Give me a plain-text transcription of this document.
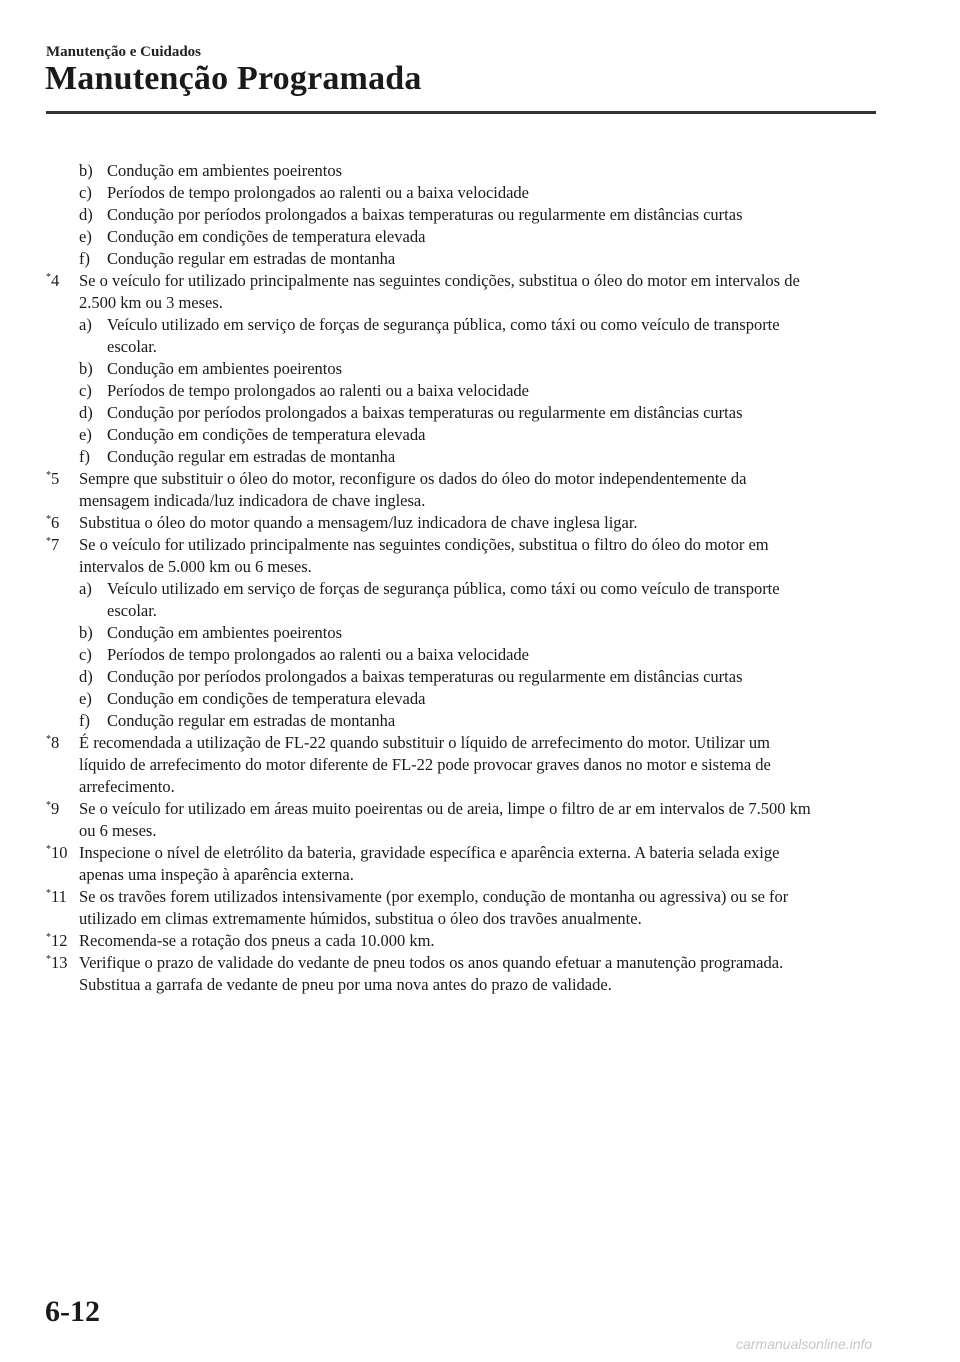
Manutenção e Cuidados
Manutenção Programada
b) Condução em ambientes poeirentos
c) Períodos de tempo prolongados ao ralenti ou a baixa velocidade
d) Condução por períodos prolongados a baixas temperaturas ou regularmente em distâncias curtas
e) Condução em condições de temperatura elevada
f) Condução regular em estradas de montanha
*4 Se o veículo for utilizado principalmente nas seguintes condições, substitua o óleo do motor em intervalos de
2.500 km ou 3 meses.
a) Veículo utilizado em serviço de forças de segurança pública, como táxi ou como veículo de transporte
escolar.
b) Condução em ambientes poeirentos
c) Períodos de tempo prolongados ao ralenti ou a baixa velocidade
d) Condução por períodos prolongados a baixas temperaturas ou regularmente em distâncias curtas
e) Condução em condições de temperatura elevada
f) Condução regular em estradas de montanha
*5 Sempre que substituir o óleo do motor, reconfigure os dados do óleo do motor independentemente da
mensagem indicada/luz indicadora de chave inglesa.
*6 Substitua o óleo do motor quando a mensagem/luz indicadora de chave inglesa ligar.
*7 Se o veículo for utilizado principalmente nas seguintes condições, substitua o filtro do óleo do motor em
intervalos de 5.000 km ou 6 meses.
a) Veículo utilizado em serviço de forças de segurança pública, como táxi ou como veículo de transporte
escolar.
b) Condução em ambientes poeirentos
c) Períodos de tempo prolongados ao ralenti ou a baixa velocidade
d) Condução por períodos prolongados a baixas temperaturas ou regularmente em distâncias curtas
e) Condução em condições de temperatura elevada
f) Condução regular em estradas de montanha
*8 É recomendada a utilização de FL-22 quando substituir o líquido de arrefecimento do motor. Utilizar um
líquido de arrefecimento do motor diferente de FL-22 pode provocar graves danos no motor e sistema de
arrefecimento.
*9 Se o veículo for utilizado em áreas muito poeirentas ou de areia, limpe o filtro de ar em intervalos de 7.500 km
ou 6 meses.
*10 Inspecione o nível de eletrólito da bateria, gravidade específica e aparência externa. A bateria selada exige
apenas uma inspeção à aparência externa.
*11 Se os travões forem utilizados intensivamente (por exemplo, condução de montanha ou agressiva) ou se for
utilizado em climas extremamente húmidos, substitua o óleo dos travões anualmente.
*12 Recomenda-se a rotação dos pneus a cada 10.000 km.
*13 Verifique o prazo de validade do vedante de pneu todos os anos quando efetuar a manutenção programada.
Substitua a garrafa de vedante de pneu por uma nova antes do prazo de validade.
6-12
carmanualsonline.info
